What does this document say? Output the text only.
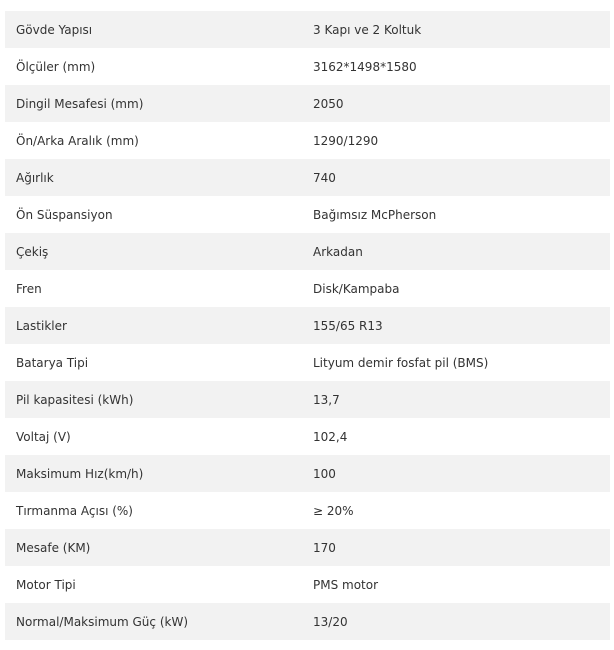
Gövde Yapısı	3 Kapı ve 2 Koltuk
Ölçüler (mm)	3162*1498*1580
Dingil Mesafesi (mm)	2050
Ön/Arka Aralık (mm)	1290/1290
Ağırlık	740
Ön Süspansiyon	Bağımsız McPherson
Çekiş	Arkadan
Fren	Disk/Kampaba
Lastikler	155/65 R13
Batarya Tipi	Lityum demir fosfat pil (BMS)
Pil kapasitesi (kWh)	13,7
Voltaj (V)	102,4
Maksimum Hız(km/h)	100
Tırmanma Açısı (%)	≥ 20%
Mesafe (KM)	170
Motor Tipi	PMS motor
Normal/Maksimum Güç (kW)	13/20
